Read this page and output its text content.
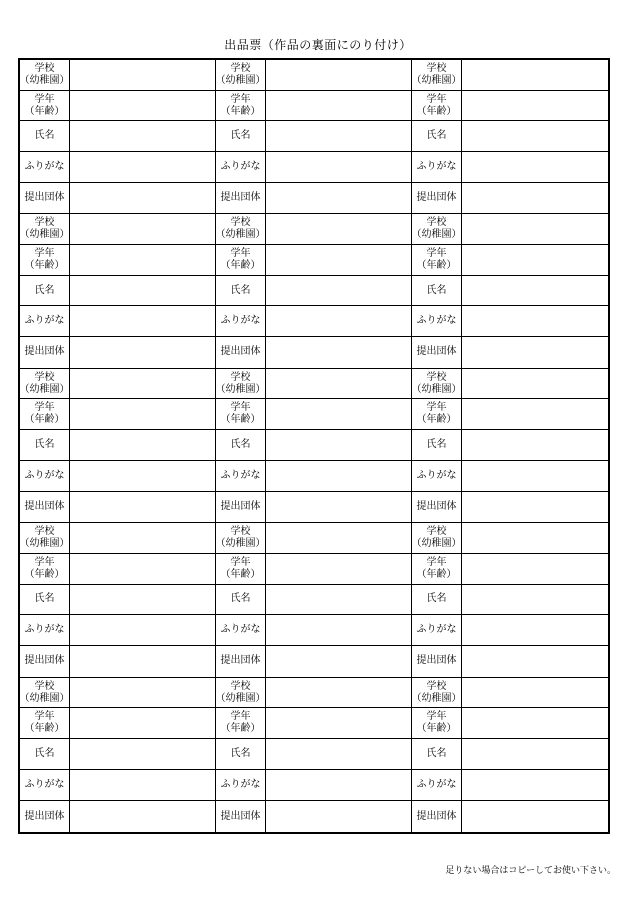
出品票（作品の裏面にのり付け）
学校
（幼稚園）
学年
（年齢）
氏名
ふりがな
提出団体
学校
（幼稚園）
学年
（年齢）
氏名
ふりがな
提出団体
学校
（幼稚園）
学年
（年齢）
氏名
ふりがな
提出団体
学校
（幼稚園）
学年
（年齢）
氏名
ふりがな
提出団体
学校
（幼稚園）
学年
（年齢）
氏名
ふりがな
提出団体
学校
（幼稚園）
学年
（年齢）
氏名
ふりがな
提出団体
学校
（幼稚園）
学年
（年齢）
氏名
ふりがな
提出団体
学校
（幼稚園）
学年
（年齢）
氏名
ふりがな
提出団体
学校
（幼稚園）
学年
（年齢）
氏名
ふりがな
提出団体
学校
（幼稚園）
学年
（年齢）
氏名
ふりがな
提出団体
学校
（幼稚園）
学年
（年齢）
氏名
ふりがな
提出団体
学校
（幼稚園）
学年
（年齢）
氏名
ふりがな
提出団体
学校
（幼稚園）
学年
（年齢）
氏名
ふりがな
提出団体
学校
（幼稚園）
学年
（年齢）
氏名
ふりがな
提出団体
学校
（幼稚園）
学年
（年齢）
氏名
ふりがな
提出団体
足りない場合はコピーしてお使い下さい。
